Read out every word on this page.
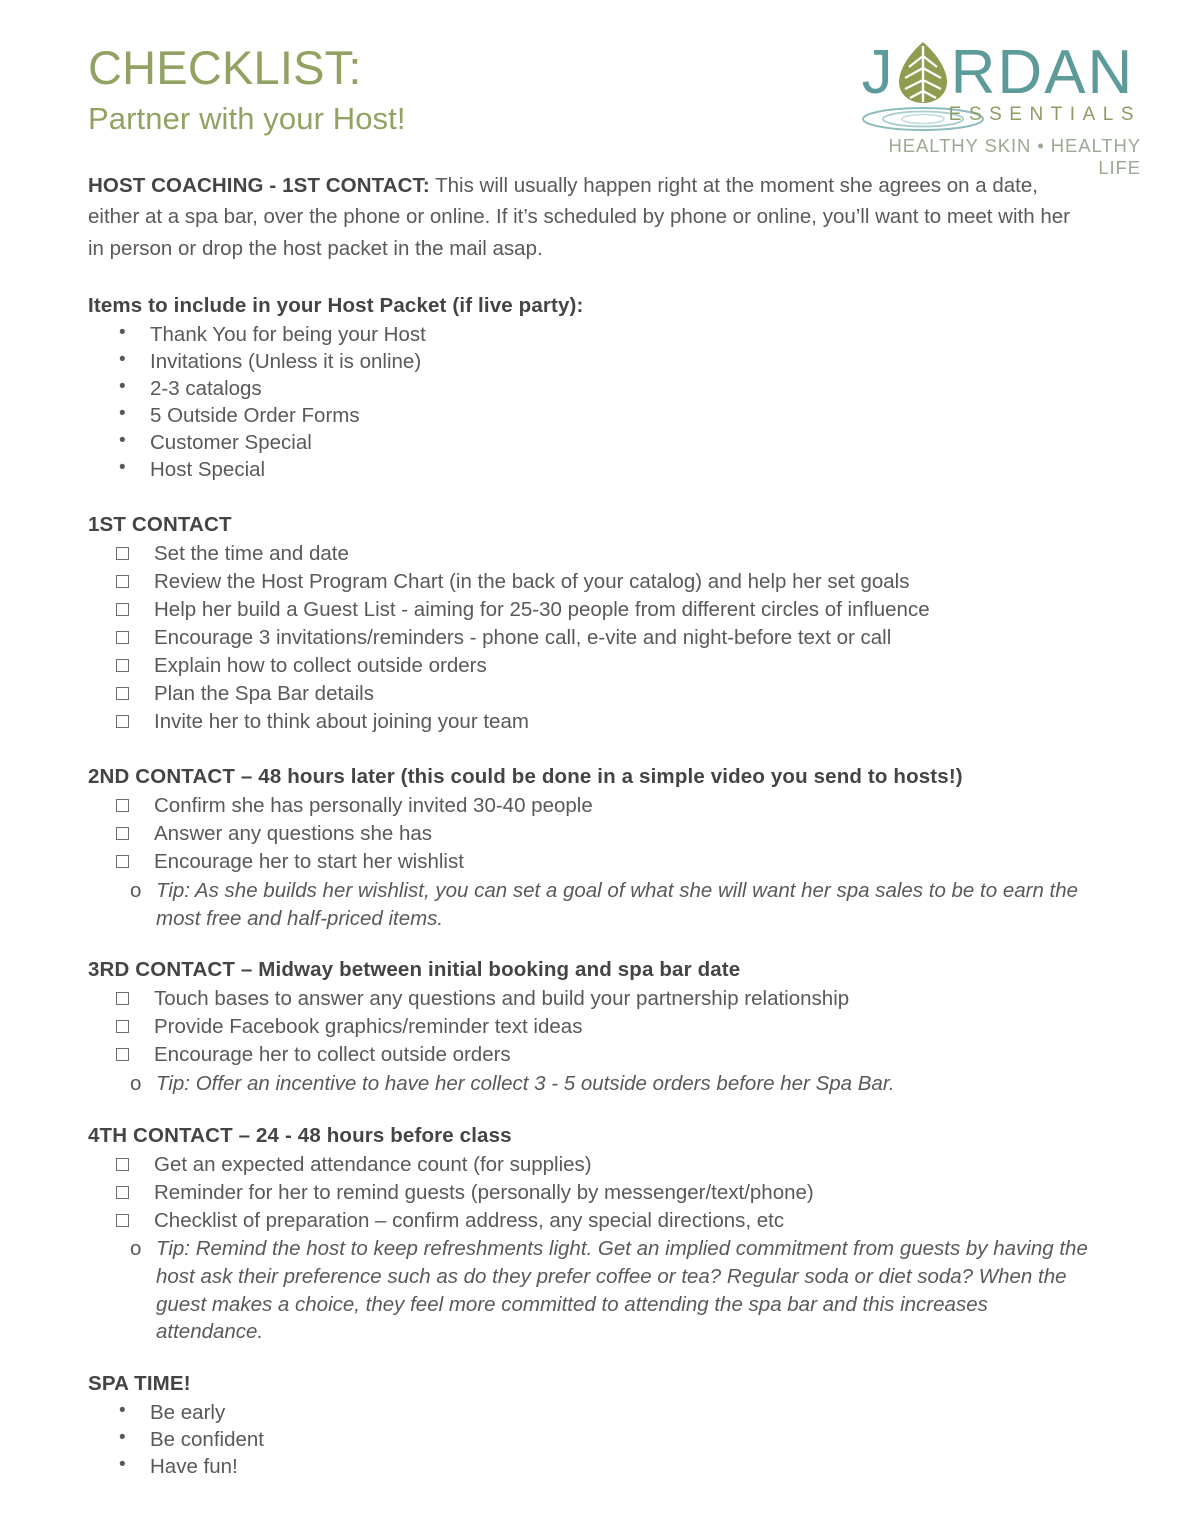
CHECKLIST:
Partner with your Host!
J RDAN
ESSENTIALS
HEALTHY SKIN • HEALTHY LIFE

HOST COACHING - 1ST CONTACT: This will usually happen right at the moment she agrees on a date, either at a spa bar, over the phone or online. If it’s scheduled by phone or online, you’ll want to meet with her in person or drop the host packet in the mail asap.

Items to include in your Host Packet (if live party):
• Thank You for being your Host
• Invitations (Unless it is online)
• 2-3 catalogs
• 5 Outside Order Forms
• Customer Special
• Host Special
1ST CONTACT
Set the time and date
Review the Host Program Chart (in the back of your catalog) and help her set goals
Help her build a Guest List - aiming for 25-30 people from different circles of influence
Encourage 3 invitations/reminders - phone call, e-vite and night-before text or call
Explain how to collect outside orders
Plan the Spa Bar details
Invite her to think about joining your team
2ND CONTACT – 48 hours later (this could be done in a simple video you send to hosts!)
Confirm she has personally invited 30-40 people
Answer any questions she has
Encourage her to start her wishlist
o Tip: As she builds her wishlist, you can set a goal of what she will want her spa sales to be to earn the most free and half-priced items.
3RD CONTACT – Midway between initial booking and spa bar date
Touch bases to answer any questions and build your partnership relationship
Provide Facebook graphics/reminder text ideas
Encourage her to collect outside orders
o Tip: Offer an incentive to have her collect 3 - 5 outside orders before her Spa Bar.
4TH CONTACT – 24 - 48 hours before class
Get an expected attendance count (for supplies)
Reminder for her to remind guests (personally by messenger/text/phone)
Checklist of preparation – confirm address, any special directions, etc
o Tip: Remind the host to keep refreshments light. Get an implied commitment from guests by having the host ask their preference such as do they prefer coffee or tea? Regular soda or diet soda? When the guest makes a choice, they feel more committed to attending the spa bar and this increases attendance.
SPA TIME!
• Be early
• Be confident
• Have fun!
